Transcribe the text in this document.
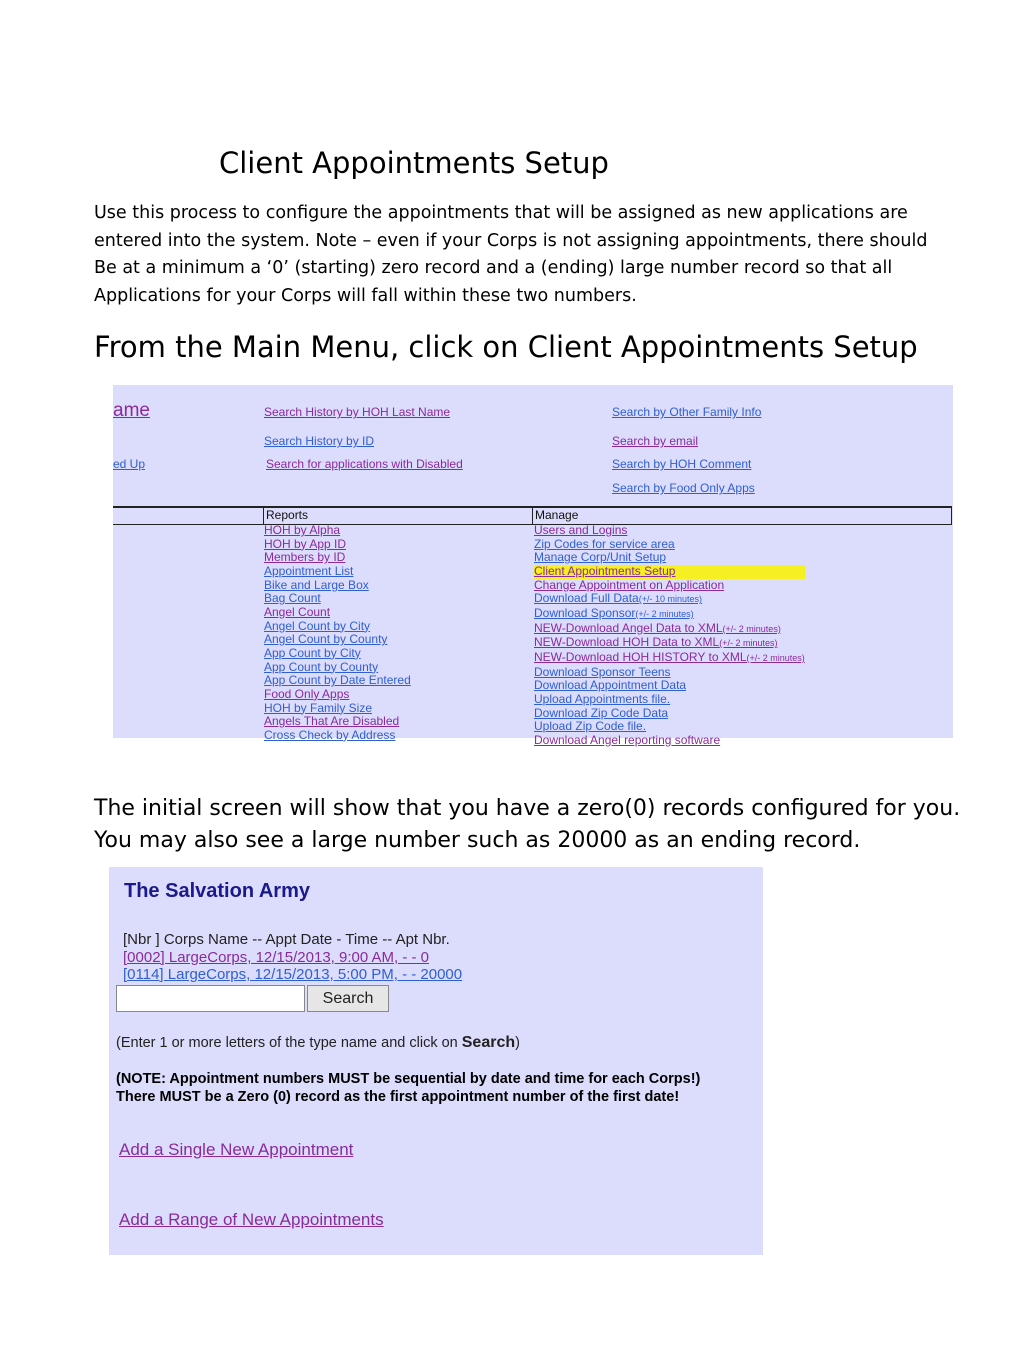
Client Appointments Setup
Use this process to configure the appointments that will be assigned as new applications are
entered into the system. Note – even if your Corps is not assigning appointments, there should
Be at a minimum a ‘0’ (starting) zero record and a (ending) large number record so that all
Applications for your Corps will fall within these two numbers.
From the Main Menu, click on Client Appointments Setup
ame
ed Up
Search History by HOH Last Name
Search History by ID
Search for applications with Disabled
Search by Other Family Info
Search by email
Search by HOH Comment
Search by Food Only Apps
Reports	Manage
HOH by Alpha
HOH by App ID
Members by ID
Appointment List
Bike and Large Box
Bag Count
Angel Count
Angel Count by City
Angel Count by County
App Count by City
App Count by County
App Count by Date Entered
Food Only Apps
HOH by Family Size
Angels That Are Disabled
Cross Check by Address
Users and Logins
Zip Codes for service area
Manage Corp/Unit Setup
Client Appointments Setup
Change Appointment on Application
Download Full Data(+/- 10 minutes)
Download Sponsor(+/- 2 minutes)
NEW-Download Angel Data to XML(+/- 2 minutes)
NEW-Download HOH Data to XML(+/- 2 minutes)
NEW-Download HOH HISTORY to XML(+/- 2 minutes)
Download Sponsor Teens
Download Appointment Data
Upload Appointments file.
Download Zip Code Data
Upload Zip Code file.
Download Angel reporting software
The initial screen will show that you have a zero(0) records configured for you.
You may also see a large number such as 20000 as an ending record.
The Salvation Army
[Nbr ] Corps Name -- Appt Date - Time -- Apt Nbr.
[0002] LargeCorps, 12/15/2013, 9:00 AM, - - 0
[0114] LargeCorps, 12/15/2013, 5:00 PM, - - 20000
Search
(Enter 1 or more letters of the type name and click on Search)
(NOTE: Appointment numbers MUST be sequential by date and time for each Corps!)
There MUST be a Zero (0) record as the first appointment number of the first date!
Add a Single New Appointment
Add a Range of New Appointments
